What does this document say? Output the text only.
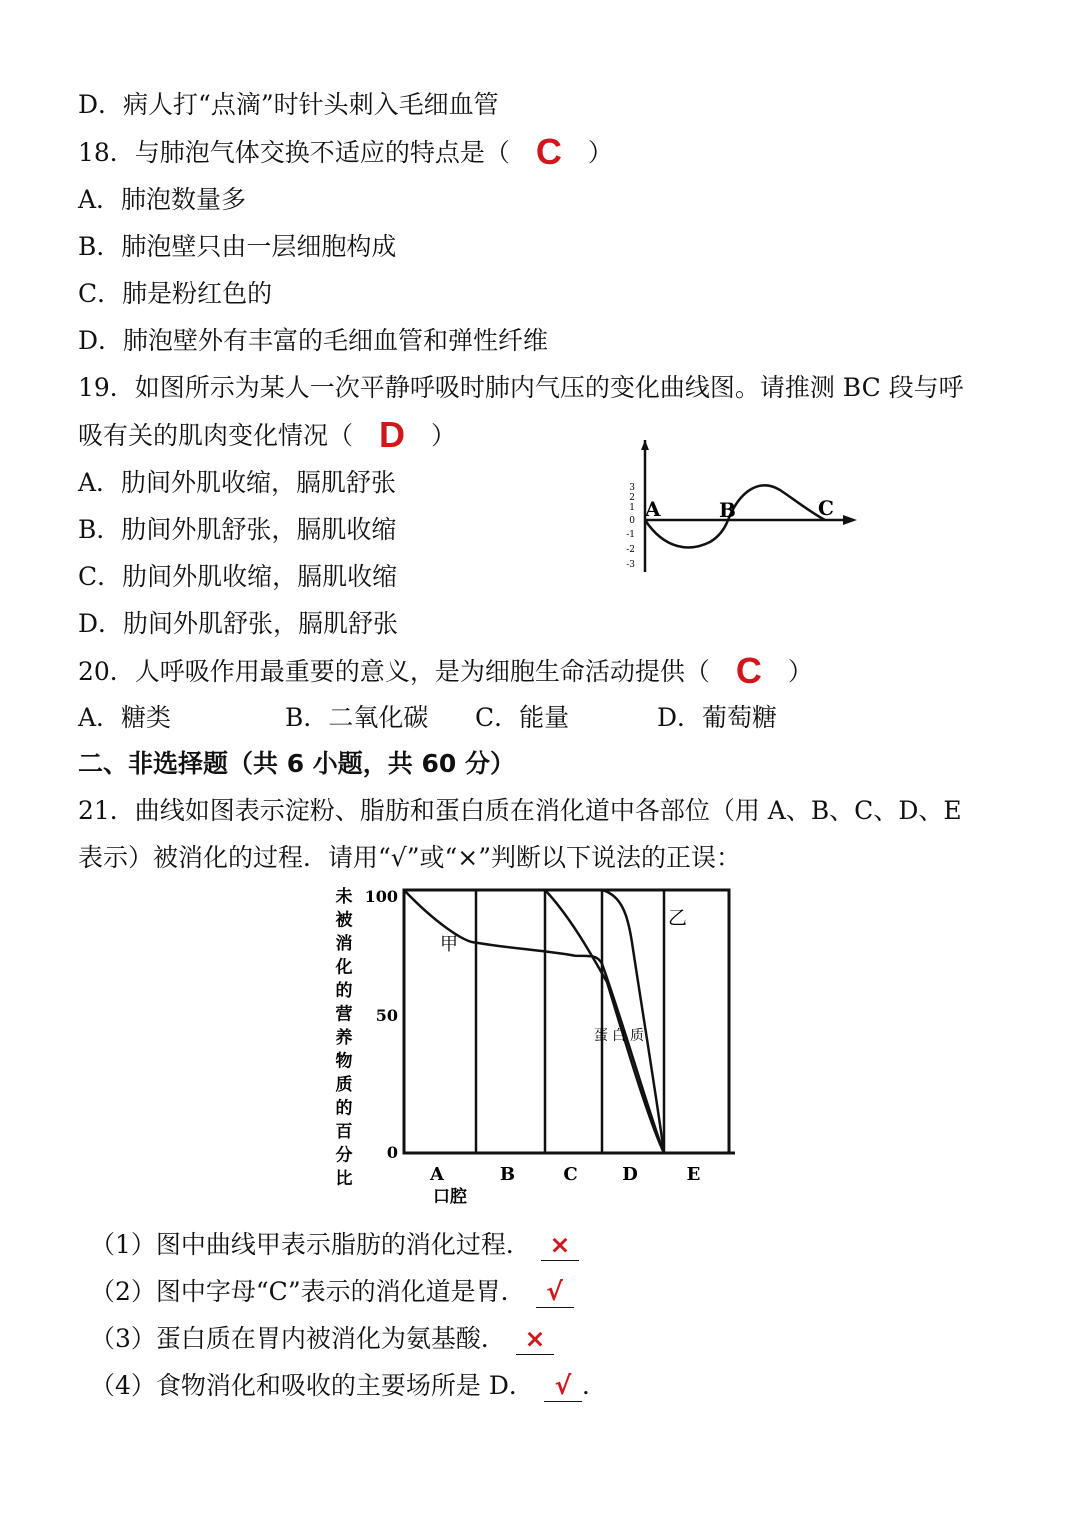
D．病人打“点滴”时针头刺入毛细血管
18．与肺泡气体交换不适应的特点是（ C ）
A．肺泡数量多
B．肺泡壁只由一层细胞构成
C．肺是粉红色的
D．肺泡壁外有丰富的毛细血管和弹性纤维
19．如图所示为某人一次平静呼吸时肺内气压的变化曲线图。请推测 BC 段与呼
吸有关的肌肉变化情况（ D ）
A．肋间外肌收缩，膈肌舒张
B．肋间外肌舒张，膈肌收缩
C．肋间外肌收缩，膈肌收缩
D．肋间外肌舒张，膈肌舒张
3
2
1
0
-1
-2
-3
A	B	C
20．人呼吸作用最重要的意义，是为细胞生命活动提供（ C ）
A．糖类	B．二氧化碳 C．能量	D．葡萄糖
二、非选择题（共 6 小题，共 60 分）
21．曲线如图表示淀粉、脂肪和蛋白质在消化道中各部位（用 A、B、C、D、E
表示）被消化的过程．请用“√”或“×”判断以下说法的正误：
未
被
消
化
的
营
养
物
质
的
百
分
比
100
50
0
A	B	C D	E
口腔
甲
乙
蛋白质
（1）图中曲线甲表示脂肪的消化过程． ×
（2）图中字母“C”表示的消化道是胃． √
（3）蛋白质在胃内被消化为氨基酸． ×
（4）食物消化和吸收的主要场所是 D． √ .
